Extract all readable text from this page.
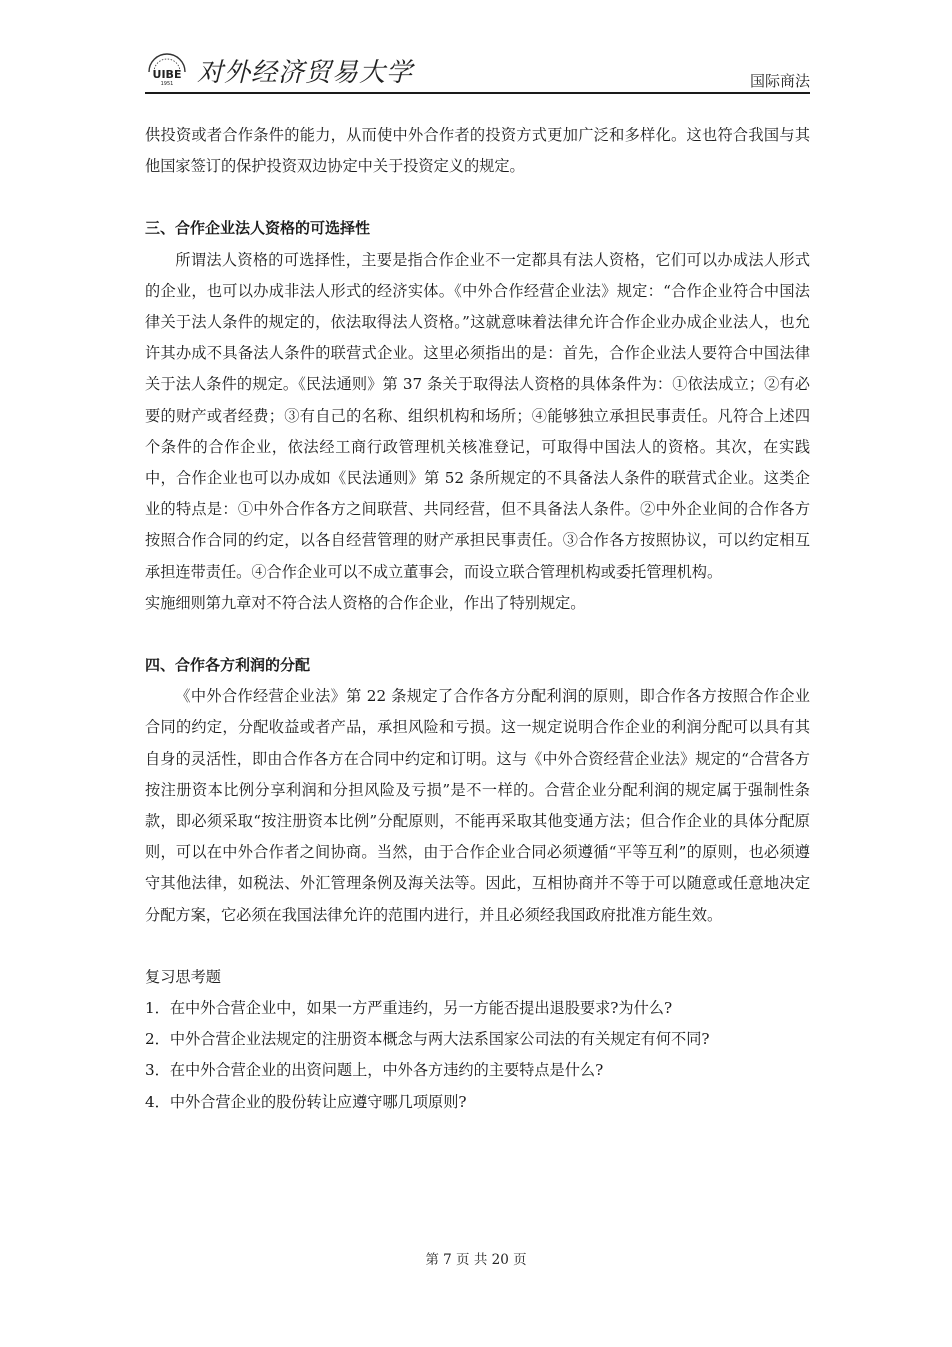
UIBE
1951 对外经济贸易大学	国际商法

供投资或者合作条件的能力，从而使中外合作者的投资方式更加广泛和多样化。这也符合我国与其他国家签订的保护投资双边协定中关于投资定义的规定。

三、合作企业法人资格的可选择性

所谓法人资格的可选择性，主要是指合作企业不一定都具有法人资格，它们可以办成法人形式的企业，也可以办成非法人形式的经济实体。《中外合作经营企业法》规定：“合作企业符合中国法律关于法人条件的规定的，依法取得法人资格。”这就意味着法律允许合作企业办成企业法人，也允许其办成不具备法人条件的联营式企业。这里必须指出的是：首先，合作企业法人要符合中国法律关于法人条件的规定。《民法通则》第 37 条关于取得法人资格的具体条件为：①依法成立；②有必要的财产或者经费；③有自己的名称、组织机构和场所；④能够独立承担民事责任。凡符合上述四个条件的合作企业，依法经工商行政管理机关核准登记，可取得中国法人的资格。其次，在实践中，合作企业也可以办成如《民法通则》第 52 条所规定的不具备法人条件的联营式企业。这类企业的特点是：①中外合作各方之间联营、共同经营，但不具备法人条件。②中外企业间的合作各方按照合作合同的约定，以各自经营管理的财产承担民事责任。③合作各方按照协议，可以约定相互承担连带责任。④合作企业可以不成立董事会，而设立联合管理机构或委托管理机构。

实施细则第九章对不符合法人资格的合作企业，作出了特别规定。

四、合作各方利润的分配

《中外合作经营企业法》第 22 条规定了合作各方分配利润的原则，即合作各方按照合作企业合同的约定，分配收益或者产品，承担风险和亏损。这一规定说明合作企业的利润分配可以具有其自身的灵活性，即由合作各方在合同中约定和订明。这与《中外合资经营企业法》规定的“合营各方按注册资本比例分享利润和分担风险及亏损”是不一样的。合营企业分配利润的规定属于强制性条款，即必须采取“按注册资本比例”分配原则，不能再采取其他变通方法；但合作企业的具体分配原则，可以在中外合作者之间协商。当然，由于合作企业合同必须遵循“平等互利”的原则，也必须遵守其他法律，如税法、外汇管理条例及海关法等。因此，互相协商并不等于可以随意或任意地决定分配方案，它必须在我国法律允许的范围内进行，并且必须经我国政府批准方能生效。

复习思考题

1．在中外合营企业中，如果一方严重违约，另一方能否提出退股要求?为什么?

2．中外合营企业法规定的注册资本概念与两大法系国家公司法的有关规定有何不同?

3．在中外合营企业的出资问题上，中外各方违约的主要特点是什么?

4．中外合营企业的股份转让应遵守哪几项原则?

第 7 页 共 20 页
